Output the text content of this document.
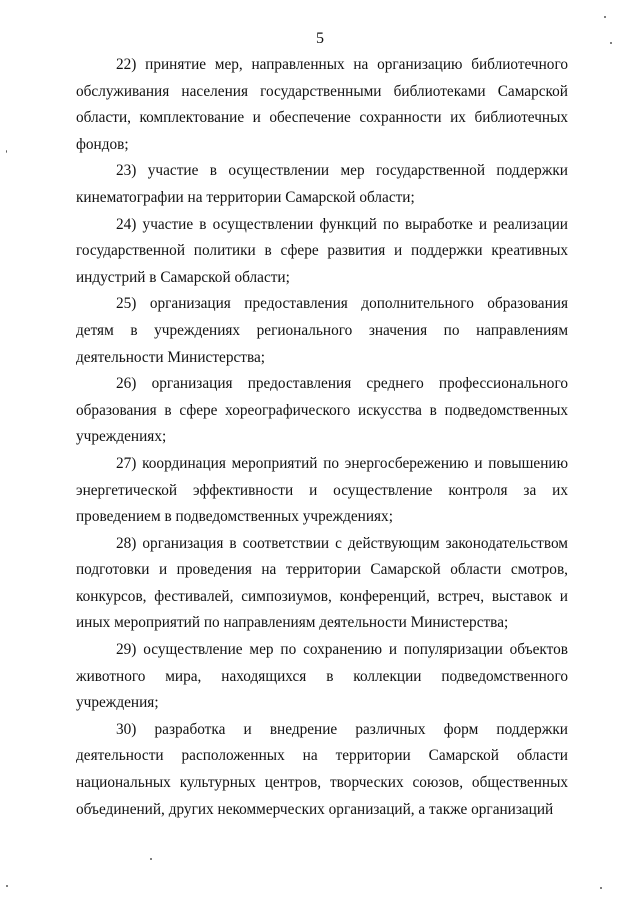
5

22) принятие мер, направленных на организацию библиотечного обслуживания населения государственными библиотеками Самарской области, комплектование и обеспечение сохранности их библиотечных фондов;

23) участие в осуществлении мер государственной поддержки кинематографии на территории Самарской области;

24) участие в осуществлении функций по выработке и реализации государственной политики в сфере развития и поддержки креативных индустрий в Самарской области;

25) организация предоставления дополнительного образования детям в учреждениях регионального значения по направлениям деятельности Министерства;

26) организация предоставления среднего профессионального образования в сфере хореографического искусства в подведомственных учреждениях;

27) координация мероприятий по энергосбережению и повышению энергетической эффективности и осуществление контроля за их проведением в подведомственных учреждениях;

28) организация в соответствии с действующим законодательством подготовки и проведения на территории Самарской области смотров, конкурсов, фестивалей, симпозиумов, конференций, встреч, выставок и иных мероприятий по направлениям деятельности Министерства;

29) осуществление мер по сохранению и популяризации объектов животного мира, находящихся в коллекции подведомственного учреждения;

30) разработка и внедрение различных форм поддержки деятельности расположенных на территории Самарской области национальных культурных центров, творческих союзов, общественных объединений, других некоммерческих организаций, а также организаций
